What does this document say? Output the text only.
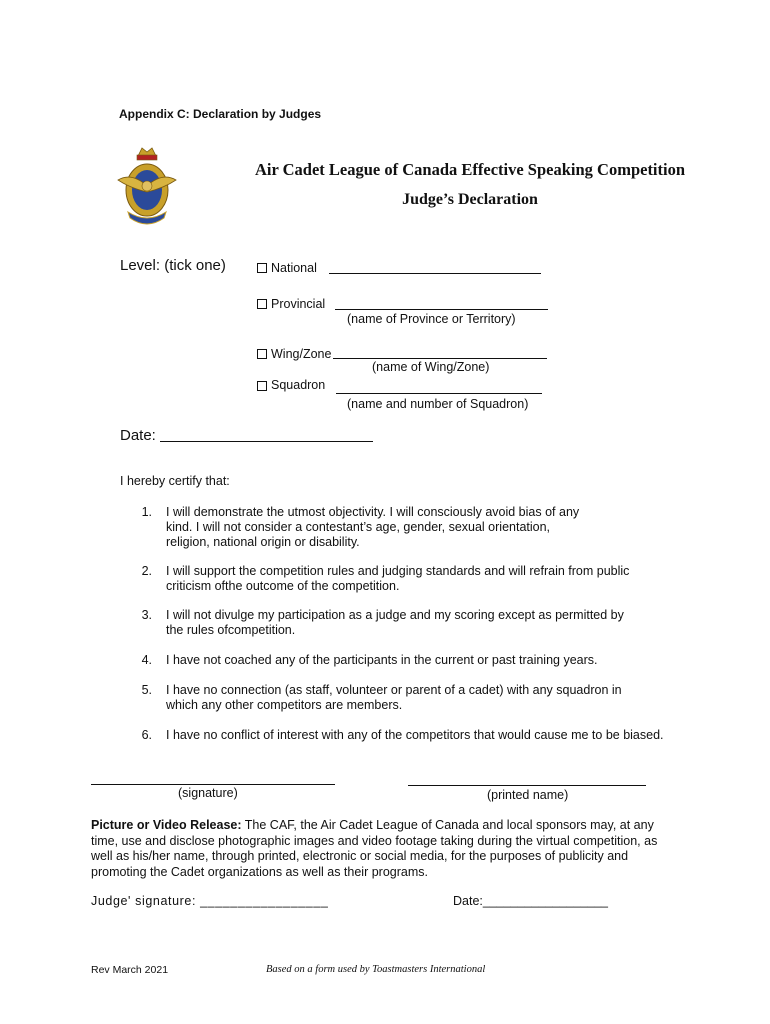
Appendix C: Declaration by Judges
Air Cadet League of Canada Effective Speaking Competition
Judge’s Declaration
Level: (tick one)	National
Provincial
(name of Province or Territory)
Wing/Zone
(name of Wing/Zone)
Squadron
(name and number of Squadron)
Date:
I hereby certify that:
1. I will demonstrate the utmost objectivity. I will consciously avoid bias of any kind. I will not consider a contestant’s age, gender, sexual orientation, religion, national origin or disability.
2. I will support the competition rules and judging standards and will refrain from public criticism ofthe outcome of the competition.
3. I will not divulge my participation as a judge and my scoring except as permitted by the rules ofcompetition.
4. I have not coached any of the participants in the current or past training years.
5. I have no connection (as staff, volunteer or parent of a cadet) with any squadron in which any other competitors are members.
6. I have no conflict of interest with any of the competitors that would cause me to be biased.
(signature)	(printed name)
Picture or Video Release: The CAF, the Air Cadet League of Canada and local sponsors may, at any time, use and disclose photographic images and video footage taking during the virtual competition, as well as his/her name, through printed, electronic or social media, for the purposes of publicity and promoting the Cadet organizations as well as their programs.
Judge' signature: _________________	Date:__________________
Rev March 2021	Based on a form used by Toastmasters International
